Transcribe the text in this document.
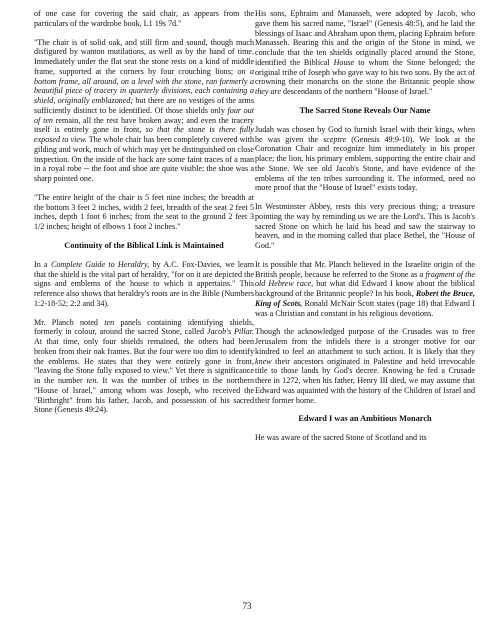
of one case for covering the said chair, as appears from the particulars of the wardrobe book, L1 19s 7d."

"The chair is of solid oak, and still firm and sound, though much disfigured by wanton mutilations, as well as by the hand of time. Immediately under the flat seat the stone rests on a kind of middle frame, supported at the corners by four crouching lions; on a bottom frame, all around, on a level with the stone, ran formerly a beautiful piece of tracery in quarterly divisions, each containing a shield, originally emblazoned; but there are no vestiges of the arms sufficiently distinct to be identified. Of those shields only four out of ten remain, all the rest have broken away; and even the tracery itself is entirely gone in front, so that the stone is there fully exposed to view. The whole chair has been completely covered with gilding and work, much of which may yet be distinguished on close inspection. On the inside of the back are some faint traces of a man in a royal robe -- the foot and shoe are quite visible; the shoe was a sharp pointed one.

"The entire height of the chair is 5 feet nine inches; the breadth at the bottom 3 feet 2 inches, width 2 feet, breadth of the seat 2 feet 5 inches, depth 1 foot 6 inches; from the seat to the ground 2 feet 3 1/2 inches; height of elbows 1 foot 2 inches."

Continuity of the Biblical Link is Maintained

In a Complete Guide to Heraldry, by A.C. Fox-Davies, we learn that the shield is the vital part of heraldry, "for on it are depicted the signs and emblems of the house to which it appertains." This reference also shows that heraldry's roots are in the Bible (Numbers 1:2-18-52; 2:2 and 34).

Mr. Planch noted ten panels containing identifying shields, formerly in colour, around the sacred Stone, called Jacob's Pillar. At that time, only four shields remained, the others had been broken from their oak frames. But the four were too dim to identify the emblems. He states that they were entirely gone in front, "leaving the Stone fully exposed to view." Yet there is significance in the number ten. It was the number of tribes in the northern "House of Israel," among whom was Joseph, who received the "Birthright" from his father, Jacob, and possession of his sacred Stone (Genesis 49:24).

His sons, Ephraim and Manasseh, were adopted by Jacob, who gave them his sacred name, "Israel" (Genesis 48:5), and he laid the blessings of Isaac and Abraham upon them, placing Ephraim before Manasseh. Bearing this and the origin of the Stone in mind, we conclude that the ten shields originally placed around the Stone, identified the Biblical House to whom the Stone belonged; the original tribe of Joseph who gave way to his two sons. By the act of crowning their monarchs on the stone the Britannic people show they are descendants of the northern "House of Israel."

The Sacred Stone Reveals Our Name

Judah was chosen by God to furnish Israel with their kings, when he was given the sceptre (Genesis 49:9-10). We look at the Coronation Chair and recognize him immediately in his proper place; the lion, his primary emblem, supporting the entire chair and the Stone. We see old Jacob's Stone, and have evidence of the emblems of the ten tribes surrounding it. The informed, need no more proof that the "House of Israel" exists today.

In Westminster Abbey, rests this very precious thing; a treasure pointing the way by reminding us we are the Lord's. This is Jacob's sacred Stone on which he laid his head and saw the stairway to heaven, and in the morning called that place Bethel, the "House of God."

It is possible that Mr. Planch believed in the Israelite origin of the British people, because he referred to the Stone as a fragment of the old Hebrew race, but what did Edward I know about the biblical background of the Britannic people? In his book, Robert the Bruce, King of Scots, Ronald McNair Scott states (page 18) that Edward I was a Christian and constant in his religious devotions.

Though the acknowledged purpose of the Crusades was to free Jerusalem from the infidels there is a stronger motive for our kindred to feel an attachment to such action. It is likely that they knew their ancestors originated in Palestine and held irrevocable title to those lands by God's decree. Knowing he fed a Crusade there in 1272, when his father, Henry III died, we may assume that Edward was aquainted with the history of the Children of Israel and their former home.

Edward I was an Ambitious Monarch

He was aware of the sacred Stone of Scotland and its

73
